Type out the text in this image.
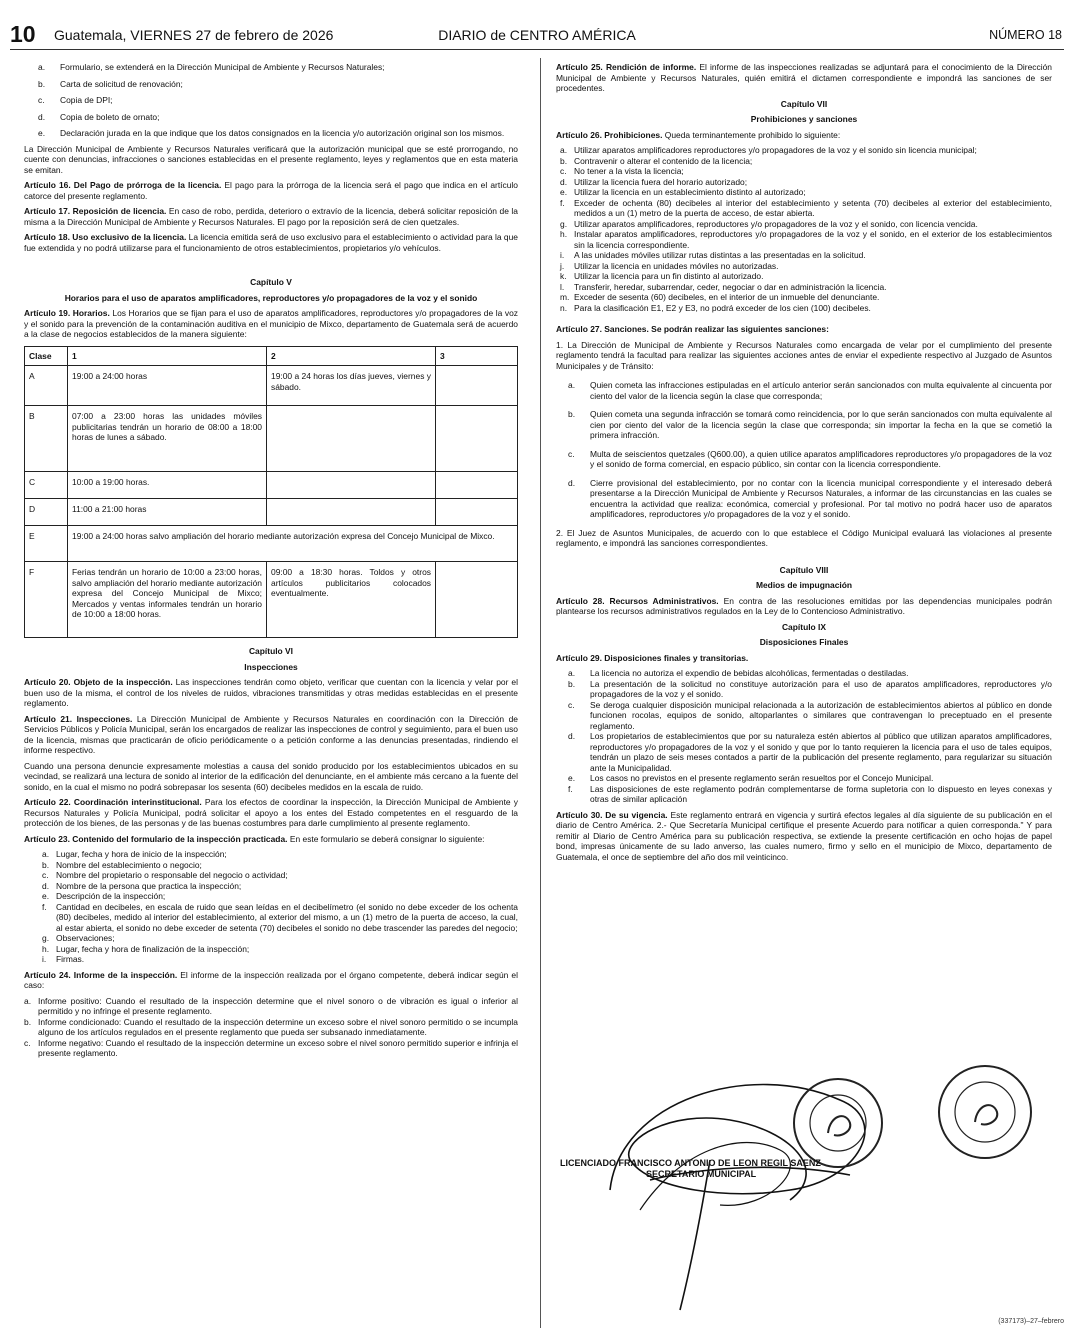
10 Guatemala, VIERNES 27 de febrero de 2026	DIARIO de CENTRO AMÉRICA	NÚMERO 18
a. Formulario, se extenderá en la Dirección Municipal de Ambiente y Recursos Naturales;
b. Carta de solicitud de renovación;
c. Copia de DPI;
d. Copia de boleto de ornato;
e. Declaración jurada en la que indique que los datos consignados en la licencia y/o autorización original son los mismos.

La Dirección Municipal de Ambiente y Recursos Naturales verificará que la autorización municipal que se esté prorrogando, no cuente con denuncias, infracciones o sanciones establecidas en el presente reglamento, leyes y reglamentos que en esta materia se emitan.

Artículo 16. Del Pago de prórroga de la licencia. El pago para la prórroga de la licencia será el pago que indica en el artículo catorce del presente reglamento.

Artículo 17. Reposición de licencia. En caso de robo, perdida, deterioro o extravío de la licencia, deberá solicitar reposición de la misma a la Dirección Municipal de Ambiente y Recursos Naturales. El pago por la reposición será de cien quetzales.

Artículo 18. Uso exclusivo de la licencia. La licencia emitida será de uso exclusivo para el establecimiento o actividad para la que fue extendida y no podrá utilizarse para el funcionamiento de otros establecimientos, propietarios y/o vehículos.

Capítulo V
Horarios para el uso de aparatos amplificadores, reproductores y/o propagadores de la voz y el sonido

Artículo 19. Horarios. Los Horarios que se fijan para el uso de aparatos amplificadores, reproductores y/o propagadores de la voz y el sonido para la prevención de la contaminación auditiva en el municipio de Mixco, departamento de Guatemala será de acuerdo a la clase de negocios establecidos de la manera siguiente:

Clase	1	2	3
A	19:00 a 24:00 horas	19:00 a 24 horas los días jueves, viernes y sábado.	
B	07:00 a 23:00 horas las unidades móviles publicitarias tendrán un horario de 08:00 a 18:00 horas de lunes a sábado.		
C	10:00 a 19:00 horas.		
D	11:00 a 21:00 horas		
E	19:00 a 24:00 horas salvo ampliación del horario mediante autorización expresa del Concejo Municipal de Mixco.		
F	Ferias tendrán un horario de 10:00 a 23:00 horas, salvo ampliación del horario mediante autorización expresa del Concejo Municipal de Mixco; Mercados y ventas informales tendrán un horario de 10:00 a 18:00 horas.	09:00 a 18:30 horas. Toldos y otros artículos publicitarios colocados eventualmente.	
Capítulo VI
Inspecciones

Artículo 20. Objeto de la inspección. Las inspecciones tendrán como objeto, verificar que cuentan con la licencia y velar por el buen uso de la misma, el control de los niveles de ruidos, vibraciones transmitidas y otras medidas establecidas en el presente reglamento.

Artículo 21. Inspecciones. La Dirección Municipal de Ambiente y Recursos Naturales en coordinación con la Dirección de Servicios Públicos y Policía Municipal, serán los encargados de realizar las inspecciones de control y seguimiento, para el buen uso de la licencia, mismas que practicarán de oficio periódicamente o a petición conforme a las denuncias presentadas, rindiendo el informe respectivo.

Cuando una persona denuncie expresamente molestias a causa del sonido producido por los establecimientos ubicados en su vecindad, se realizará una lectura de sonido al interior de la edificación del denunciante, en el ambiente más cercano a la fuente del sonido, en la cual el mismo no podrá sobrepasar los sesenta (60) decibeles medidos en la escala de ruido.

Artículo 22. Coordinación interinstitucional. Para los efectos de coordinar la inspección, la Dirección Municipal de Ambiente y Recursos Naturales y Policía Municipal, podrá solicitar el apoyo a los entes del Estado competentes en el resguardo de la protección de los bienes, de las personas y de las buenas costumbres para darle cumplimiento al presente reglamento.

Artículo 23. Contenido del formulario de la inspección practicada. En este formulario se deberá consignar lo siguiente:

a. Lugar, fecha y hora de inicio de la inspección;
b. Nombre del establecimiento o negocio;
c. Nombre del propietario o responsable del negocio o actividad;
d. Nombre de la persona que practica la inspección;
e. Descripción de la inspección;
f. Cantidad en decibeles, en escala de ruido que sean leídas en el decibelímetro (el sonido no debe exceder de los ochenta (80) decibeles, medido al interior del establecimiento, al exterior del mismo, a un (1) metro de la puerta de acceso, la cual, al estar abierta, el sonido no debe exceder de setenta (70) decibeles el sonido no debe trascender las paredes del negocio;
g. Observaciones;
h. Lugar, fecha y hora de finalización de la inspección;
i. Firmas.

Artículo 24. Informe de la inspección. El informe de la inspección realizada por el órgano competente, deberá indicar según el caso:

a. Informe positivo: Cuando el resultado de la inspección determine que el nivel sonoro o de vibración es igual o inferior al permitido y no infringe el presente reglamento.
b. Informe condicionado: Cuando el resultado de la inspección determine un exceso sobre el nivel sonoro permitido o se incumpla alguno de los artículos regulados en el presente reglamento que pueda ser subsanado inmediatamente.
c. Informe negativo: Cuando el resultado de la inspección determine un exceso sobre el nivel sonoro permitido superior e infrinja el presente reglamento.

Artículo 25. Rendición de informe. El informe de las inspecciones realizadas se adjuntará para el conocimiento de la Dirección Municipal de Ambiente y Recursos Naturales, quién emitirá el dictamen correspondiente e impondrá las sanciones de ser procedentes.

Capítulo VII
Prohibiciones y sanciones

Artículo 26. Prohibiciones. Queda terminantemente prohibido lo siguiente:

a. Utilizar aparatos amplificadores reproductores y/o propagadores de la voz y el sonido sin licencia municipal;
b. Contravenir o alterar el contenido de la licencia;
c. No tener a la vista la licencia;
d. Utilizar la licencia fuera del horario autorizado;
e. Utilizar la licencia en un establecimiento distinto al autorizado;
f. Exceder de ochenta (80) decibeles al interior del establecimiento y setenta (70) decibeles al exterior del establecimiento, medidos a un (1) metro de la puerta de acceso, de estar abierta.
g. Utilizar aparatos amplificadores, reproductores y/o propagadores de la voz y el sonido, con licencia vencida.
h. Instalar aparatos amplificadores, reproductores y/o propagadores de la voz y el sonido, en el exterior de los establecimientos sin la licencia correspondiente.
i. A las unidades móviles utilizar rutas distintas a las presentadas en la solicitud.
j. Utilizar la licencia en unidades móviles no autorizadas.
k. Utilizar la licencia para un fin distinto al autorizado.
l. Transferir, heredar, subarrendar, ceder, negociar o dar en administración la licencia.
m. Exceder de sesenta (60) decibeles, en el interior de un inmueble del denunciante.
n. Para la clasificación E1, E2 y E3, no podrá exceder de los cien (100) decibeles.

Artículo 27. Sanciones. Se podrán realizar las siguientes sanciones:

1. La Dirección de Municipal de Ambiente y Recursos Naturales como encargada de velar por el cumplimiento del presente reglamento tendrá la facultad para realizar las siguientes acciones antes de enviar el expediente respectivo al Juzgado de Asuntos Municipales y de Tránsito:

a. Quien cometa las infracciones estipuladas en el artículo anterior serán sancionados con multa equivalente al cincuenta por ciento del valor de la licencia según la clase que corresponda;
b. Quien cometa una segunda infracción se tomará como reincidencia, por lo que serán sancionados con multa equivalente al cien por ciento del valor de la licencia según la clase que corresponda; sin importar la fecha en la que se cometió la primera infracción.
c. Multa de seiscientos quetzales (Q600.00), a quien utilice aparatos amplificadores reproductores y/o propagadores de la voz y el sonido de forma comercial, en espacio público, sin contar con la licencia correspondiente.
d. Cierre provisional del establecimiento, por no contar con la licencia municipal correspondiente y el interesado deberá presentarse a la Dirección Municipal de Ambiente y Recursos Naturales, a informar de las circunstancias en las cuales se encuentra la actividad que realiza: económica, comercial y profesional. Por tal motivo no podrá hacer uso de aparatos amplificadores, reproductores y/o propagadores de la voz y el sonido.

2. El Juez de Asuntos Municipales, de acuerdo con lo que establece el Código Municipal evaluará las violaciones al presente reglamento, e impondrá las sanciones correspondientes.

Capítulo VIII
Medios de impugnación

Artículo 28. Recursos Administrativos. En contra de las resoluciones emitidas por las dependencias municipales podrán plantearse los recursos administrativos regulados en la Ley de lo Contencioso Administrativo.

Capítulo IX
Disposiciones Finales

Artículo 29. Disposiciones finales y transitorias.

a. La licencia no autoriza el expendio de bebidas alcohólicas, fermentadas o destiladas.
b. La presentación de la solicitud no constituye autorización para el uso de aparatos amplificadores, reproductores y/o propagadores de la voz y el sonido.
c. Se deroga cualquier disposición municipal relacionada a la autorización de establecimientos abiertos al público en donde funcionen rocolas, equipos de sonido, altoparlantes o similares que contravengan lo preceptuado en el presente reglamento.
d. Los propietarios de establecimientos que por su naturaleza estén abiertos al público que utilizan aparatos amplificadores, reproductores y/o propagadores de la voz y el sonido y que por lo tanto requieren la licencia para el uso de tales equipos, tendrán un plazo de seis meses contados a partir de la publicación del presente reglamento, para regularizar su situación ante la Municipalidad.
e. Los casos no previstos en el presente reglamento serán resueltos por el Concejo Municipal.
f. Las disposiciones de este reglamento podrán complementarse de forma supletoria con lo dispuesto en leyes conexas y otras de similar aplicación

Artículo 30. De su vigencia. Este reglamento entrará en vigencia y surtirá efectos legales al día siguiente de su publicación en el diario de Centro América. 2.- Que Secretaría Municipal certifique el presente Acuerdo para notificar a quien corresponda." Y para remitir al Diario de Centro América para su publicación respectiva, se extiende la presente certificación en ocho hojas de papel bond, impresas únicamente de su lado anverso, las cuales numero, firmo y sello en el municipio de Mixco, departamento de Guatemala, el once de septiembre del año dos mil veinticinco.

LICENCIADO FRANCISCO ANTONIO DE LEON REGIL SAENZ
SECRETARIO MUNICIPAL
(337173)–27–febrero
